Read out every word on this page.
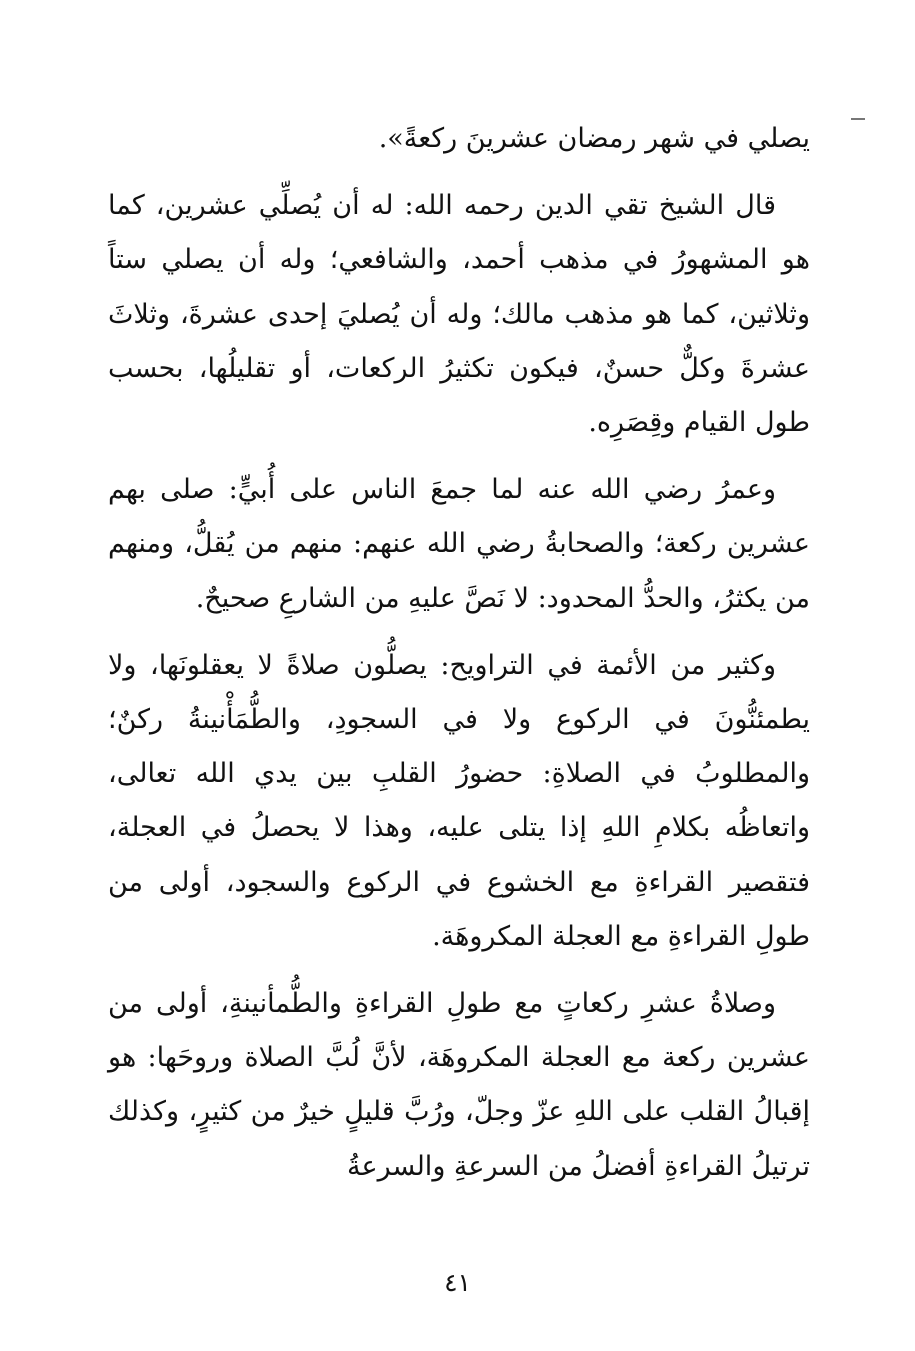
يصلي في شهر رمضان عشرينَ ركعةً».

قال الشيخ تقي الدين رحمه الله: له أن يُصلِّي عشرين، كما هو المشهورُ في مذهب أحمد، والشافعي؛ وله أن يصلي ستاً وثلاثين، كما هو مذهب مالك؛ وله أن يُصليَ إحدى عشرةَ، وثلاثَ عشرةَ وكلٌّ حسنٌ، فيكون تكثيرُ الركعات، أو تقليلُها، بحسب طول القيام وقِصَرِه.

وعمرُ رضي الله عنه لما جمعَ الناس على أُبيٍّ: صلى بهم عشرين ركعة؛ والصحابةُ رضي الله عنهم: منهم من يُقلُّ، ومنهم من يكثرُ، والحدُّ المحدود: لا نَصَّ عليهِ من الشارعِ صحيحٌ.

وكثير من الأئمة في التراويح: يصلُّون صلاةً لا يعقلونَها، ولا يطمئنُّونَ في الركوع ولا في السجودِ، والطُّمَأْنينةُ ركنٌ؛ والمطلوبُ في الصلاةِ: حضورُ القلبِ بين يدي الله تعالى، واتعاظُه بكلامِ اللهِ إذا يتلى عليه، وهذا لا يحصلُ في العجلة، فتقصير القراءةِ مع الخشوع في الركوع والسجود، أولى من طولِ القراءةِ مع العجلة المكروهَة.

وصلاةُ عشرِ ركعاتٍ مع طولِ القراءةِ والطُّمأنينةِ، أولى من عشرين ركعة مع العجلة المكروهَة، لأنَّ لُبَّ الصلاة وروحَها: هو إقبالُ القلب على اللهِ عزّ وجلّ، ورُبَّ قليلٍ خيرٌ من كثيرٍ، وكذلك ترتيلُ القراءةِ أفضلُ من السرعةِ والسرعةُ

٤١
